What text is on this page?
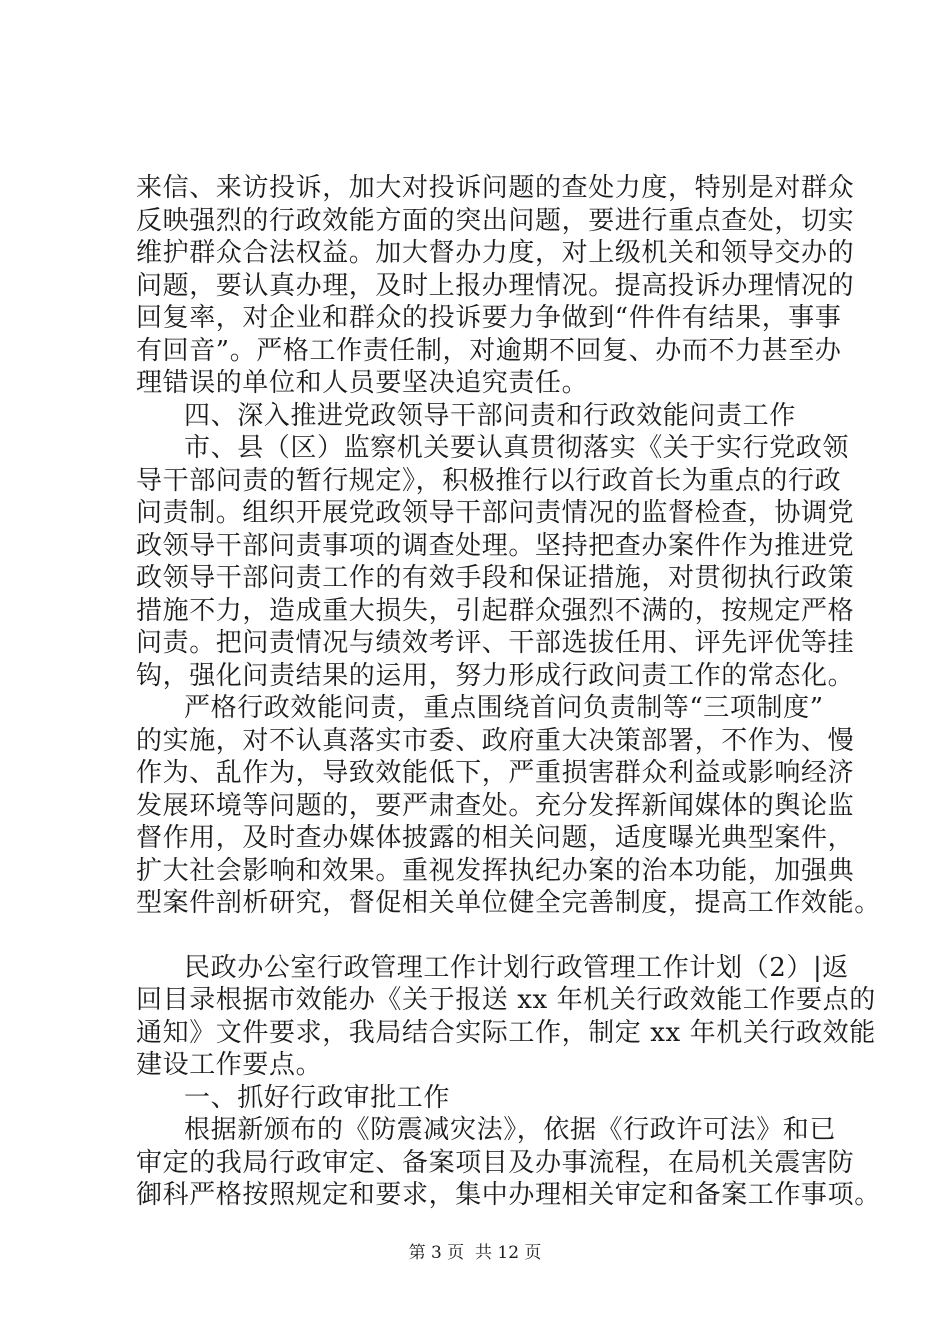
来信、来访投诉，加大对投诉问题的查处力度，特别是对群众
反映强烈的行政效能方面的突出问题，要进行重点查处，切实
维护群众合法权益。加大督办力度，对上级机关和领导交办的
问题，要认真办理，及时上报办理情况。提高投诉办理情况的
回复率，对企业和群众的投诉要力争做到“件件有结果，事事
有回音”。严格工作责任制，对逾期不回复、办而不力甚至办
理错误的单位和人员要坚决追究责任。
四、深入推进党政领导干部问责和行政效能问责工作
市、县（区）监察机关要认真贯彻落实《关于实行党政领
导干部问责的暂行规定》，积极推行以行政首长为重点的行政
问责制。组织开展党政领导干部问责情况的监督检查，协调党
政领导干部问责事项的调查处理。坚持把查办案件作为推进党
政领导干部问责工作的有效手段和保证措施，对贯彻执行政策
措施不力，造成重大损失，引起群众强烈不满的，按规定严格
问责。把问责情况与绩效考评、干部选拔任用、评先评优等挂
钩，强化问责结果的运用，努力形成行政问责工作的常态化。
严格行政效能问责，重点围绕首问负责制等“三项制度”
的实施，对不认真落实市委、政府重大决策部署，不作为、慢
作为、乱作为，导致效能低下，严重损害群众利益或影响经济
发展环境等问题的，要严肃查处。充分发挥新闻媒体的舆论监
督作用，及时查办媒体披露的相关问题，适度曝光典型案件，
扩大社会影响和效果。重视发挥执纪办案的治本功能，加强典
型案件剖析研究，督促相关单位健全完善制度，提高工作效能。
民政办公室行政管理工作计划行政管理工作计划（2）|返
回目录根据市效能办《关于报送 xx 年机关行政效能工作要点的
通知》文件要求，我局结合实际工作，制定 xx 年机关行政效能
建设工作要点。
一、抓好行政审批工作
根据新颁布的《防震减灾法》，依据《行政许可法》和已
审定的我局行政审定、备案项目及办事流程，在局机关震害防
御科严格按照规定和要求，集中办理相关审定和备案工作事项。
第 3 页  共 12 页
